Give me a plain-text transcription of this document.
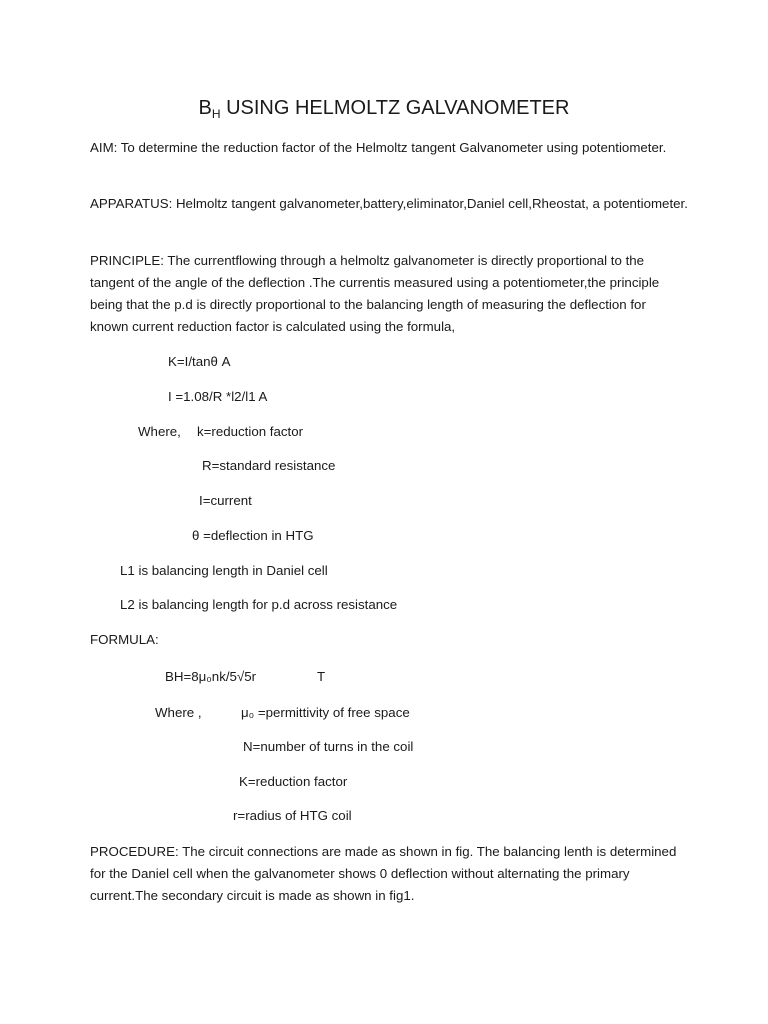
$B_H$ USING HELMOLTZ GALVANOMETER
AIM: To determine the reduction factor of the Helmoltz tangent Galvanometer using potentiometer.
APPARATUS: Helmoltz tangent galvanometer,battery,eliminator,Daniel cell,Rheostat, a potentiometer.
PRINCIPLE: The currentflowing through a helmoltz galvanometer is directly proportional to the tangent of the angle of the deflection .The currentis measured using a potentiometer,the principle being that the p.d is directly proportional to the balancing length of measuring the deflection for known current reduction factor is calculated using the formula,
K=I/tanθ A
I =1.08/R *l2/l1 A
Where, k=reduction factor
R=standard resistance
I=current
θ =deflection in HTG
L1 is balancing length in Daniel cell
L2 is balancing length for p.d across resistance
FORMULA:
BH=8μ₀nk/5√5r	T
Where ,	μ₀ =permittivity of free space
N=number of turns in the coil
K=reduction factor
r=radius of HTG coil
PROCEDURE: The circuit connections are made as shown in fig. The balancing lenth is determined for the Daniel cell when the galvanometer shows 0 deflection without alternating the primary current.The secondary circuit is made as shown in fig1.
